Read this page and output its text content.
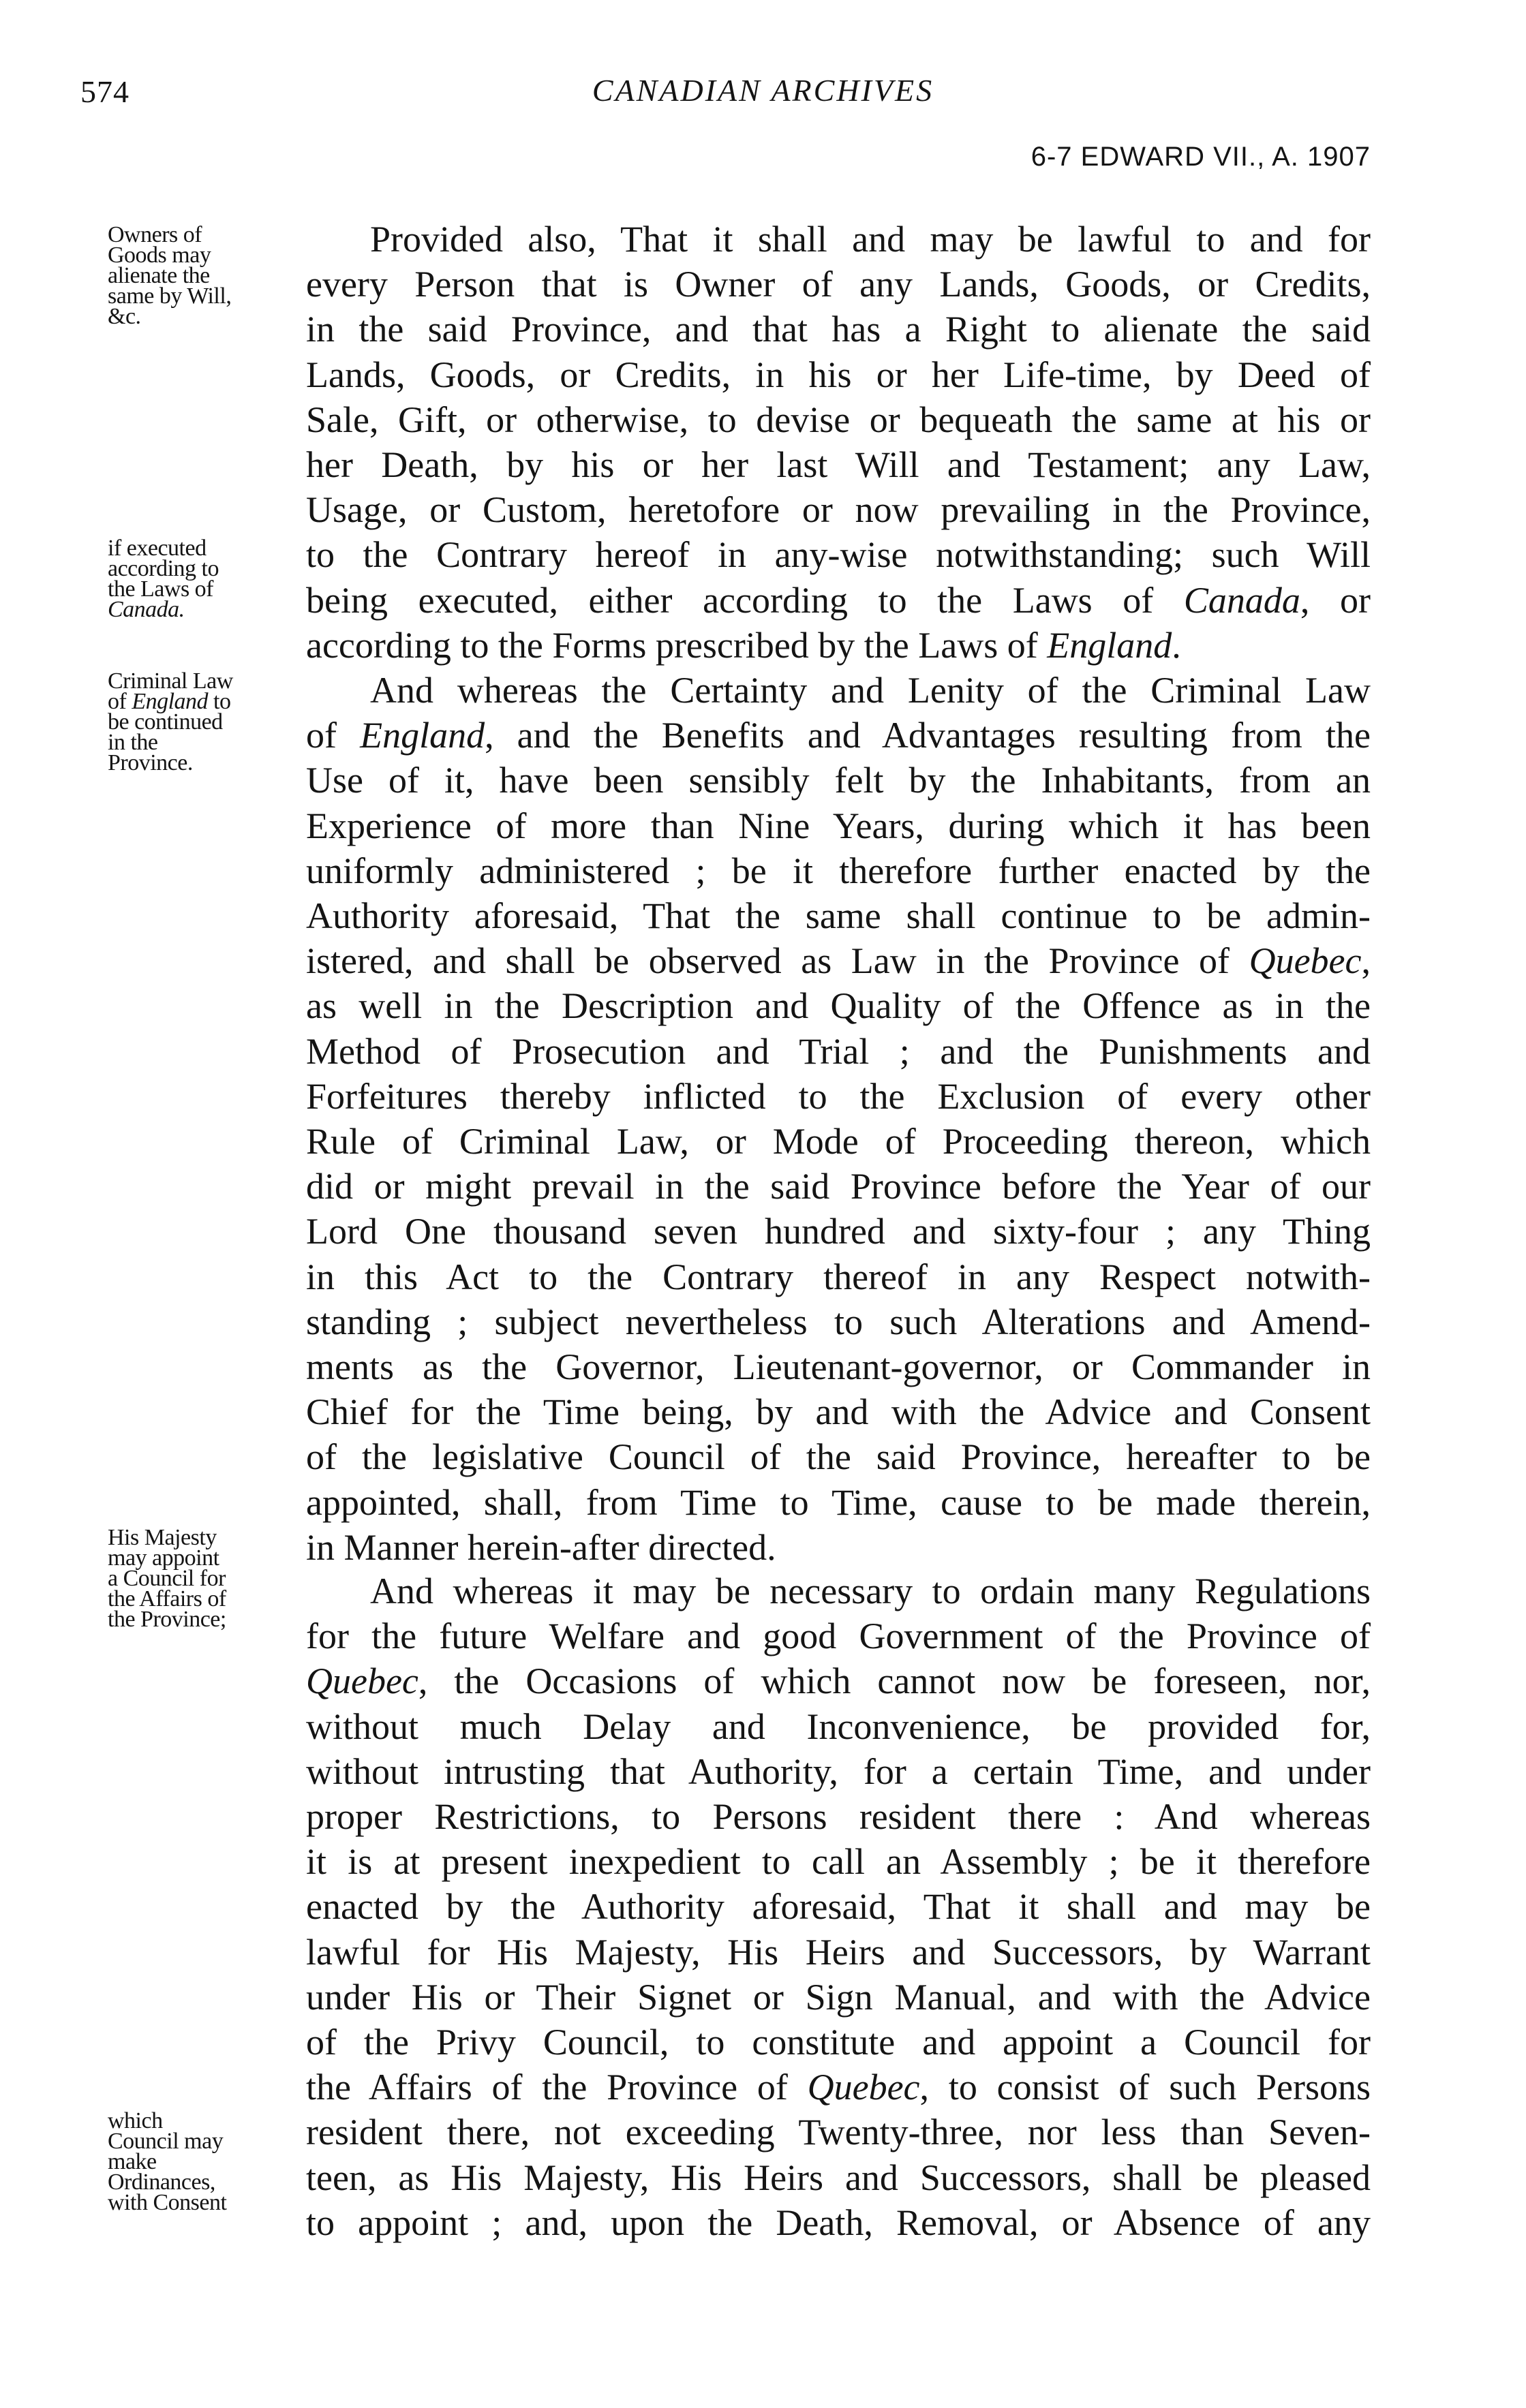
574	CANADIAN ARCHIVES
6-7 EDWARD VII., A. 1907
Owners of
Goods may
alienate the
same by Will,
&c.
if executed
according to
the Laws of
Canada.
Provided also, That it shall and may be lawful to and for
every Person that is Owner of any Lands, Goods, or Credits,
in the said Province, and that has a Right to alienate the said
Lands, Goods, or Credits, in his or her Life-time, by Deed of
Sale, Gift, or otherwise, to devise or bequeath the same at his or
her Death, by his or her last Will and Testament; any Law,
Usage, or Custom, heretofore or now prevailing in the Province,
to the Contrary hereof in any-wise notwithstanding; such Will
being executed, either according to the Laws of Canada, or
according to the Forms prescribed by the Laws of England.
Criminal Law
of England to
be continued
in the
Province.
And whereas the Certainty and Lenity of the Criminal Law
of England, and the Benefits and Advantages resulting from the
Use of it, have been sensibly felt by the Inhabitants, from an
Experience of more than Nine Years, during which it has been
uniformly administered ; be it therefore further enacted by the
Authority aforesaid, That the same shall continue to be admin-
istered, and shall be observed as Law in the Province of Quebec,
as well in the Description and Quality of the Offence as in the
Method of Prosecution and Trial ; and the Punishments and
Forfeitures thereby inflicted to the Exclusion of every other
Rule of Criminal Law, or Mode of Proceeding thereon, which
did or might prevail in the said Province before the Year of our
Lord One thousand seven hundred and sixty-four ; any Thing
in this Act to the Contrary thereof in any Respect notwith-
standing ; subject nevertheless to such Alterations and Amend-
ments as the Governor, Lieutenant-governor, or Commander in
Chief for the Time being, by and with the Advice and Consent
of the legislative Council of the said Province, hereafter to be
appointed, shall, from Time to Time, cause to be made therein,
in Manner herein-after directed.
His Majesty
may appoint
a Council for
the Affairs of
the Province;
which
Council may
make
Ordinances,
with Consent
And whereas it may be necessary to ordain many Regulations
for the future Welfare and good Government of the Province of
Quebec, the Occasions of which cannot now be foreseen, nor,
without much Delay and Inconvenience, be provided for,
without intrusting that Authority, for a certain Time, and under
proper Restrictions, to Persons resident there : And whereas
it is at present inexpedient to call an Assembly ; be it therefore
enacted by the Authority aforesaid, That it shall and may be
lawful for His Majesty, His Heirs and Successors, by Warrant
under His or Their Signet or Sign Manual, and with the Advice
of the Privy Council, to constitute and appoint a Council for
the Affairs of the Province of Quebec, to consist of such Persons
resident there, not exceeding Twenty-three, nor less than Seven-
teen, as His Majesty, His Heirs and Successors, shall be pleased
to appoint ; and, upon the Death, Removal, or Absence of any
